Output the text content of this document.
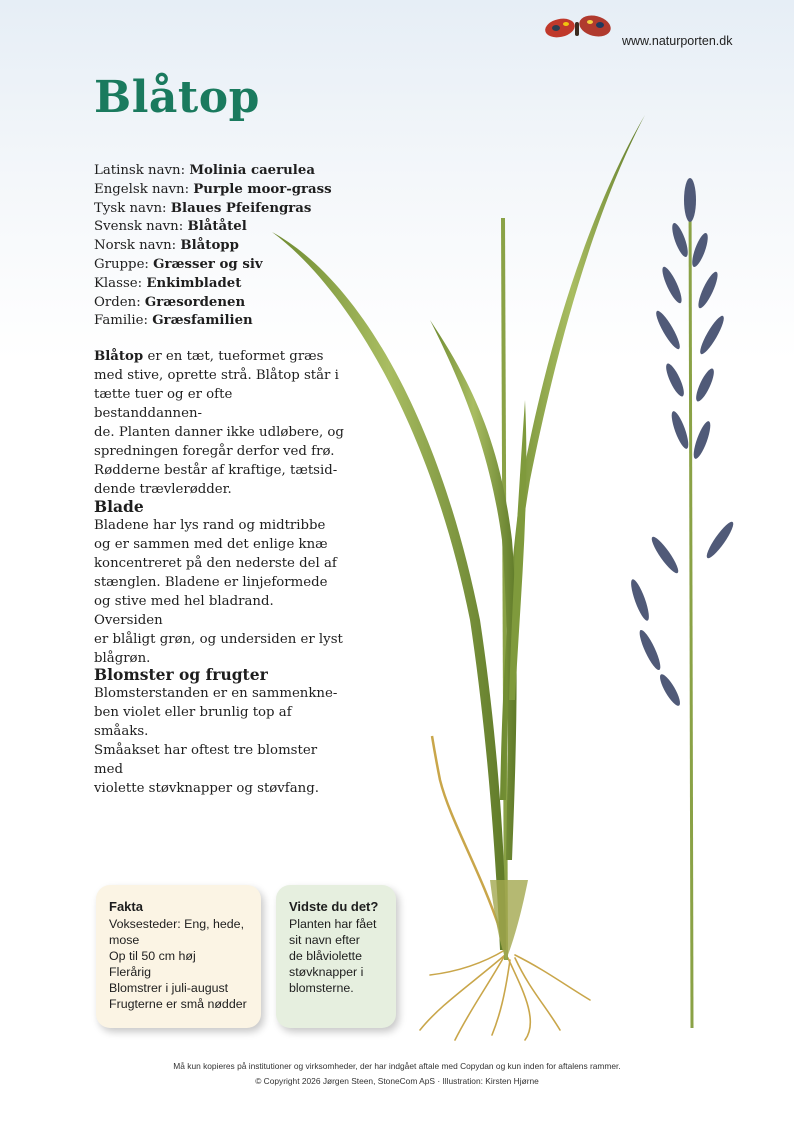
www.naturporten.dk
Blåtop
Latinsk navn: Molinia caerulea
Engelsk navn: Purple moor-grass
Tysk navn: Blaues Pfeifengras
Svensk navn: Blåtåtel
Norsk navn: Blåtopp
Gruppe: Græsser og siv
Klasse: Enkimbladet
Orden: Græsordenen
Familie: Græsfamilien

Blåtop er en tæt, tueformet græs
med stive, oprette strå. Blåtop står i
tætte tuer og er ofte bestanddannen-
de. Planten danner ikke udløbere, og
spredningen foregår derfor ved frø.
Rødderne består af kraftige, tætsid-
dende trævlerødder.

Blade

Bladene har lys rand og midtribbe
og er sammen med det enlige knæ
koncentreret på den nederste del af
stænglen. Bladene er linjeformede
og stive med hel bladrand. Oversiden
er blåligt grøn, og undersiden er lyst
blågrøn.

Blomster og frugter

Blomsterstanden er en sammenkne-
ben violet eller brunlig top af småaks.
Småakset har oftest tre blomster med
violette støvknapper og støvfang.

Fakta
Voksesteder: Eng, hede,
mose
Op til 50 cm høj
Flerårig
Blomstrer i juli-august
Frugterne er små nødder
Vidste du det?
Planten har fået
sit navn efter
de blåviolette
støvknapper i
blomsterne.
Må kun kopieres på institutioner og virksomheder, der har indgået aftale med Copydan og kun inden for aftalens rammer.
© Copyright 2026 Jørgen Steen, StoneCom ApS · Illustration: Kirsten Hjørne
